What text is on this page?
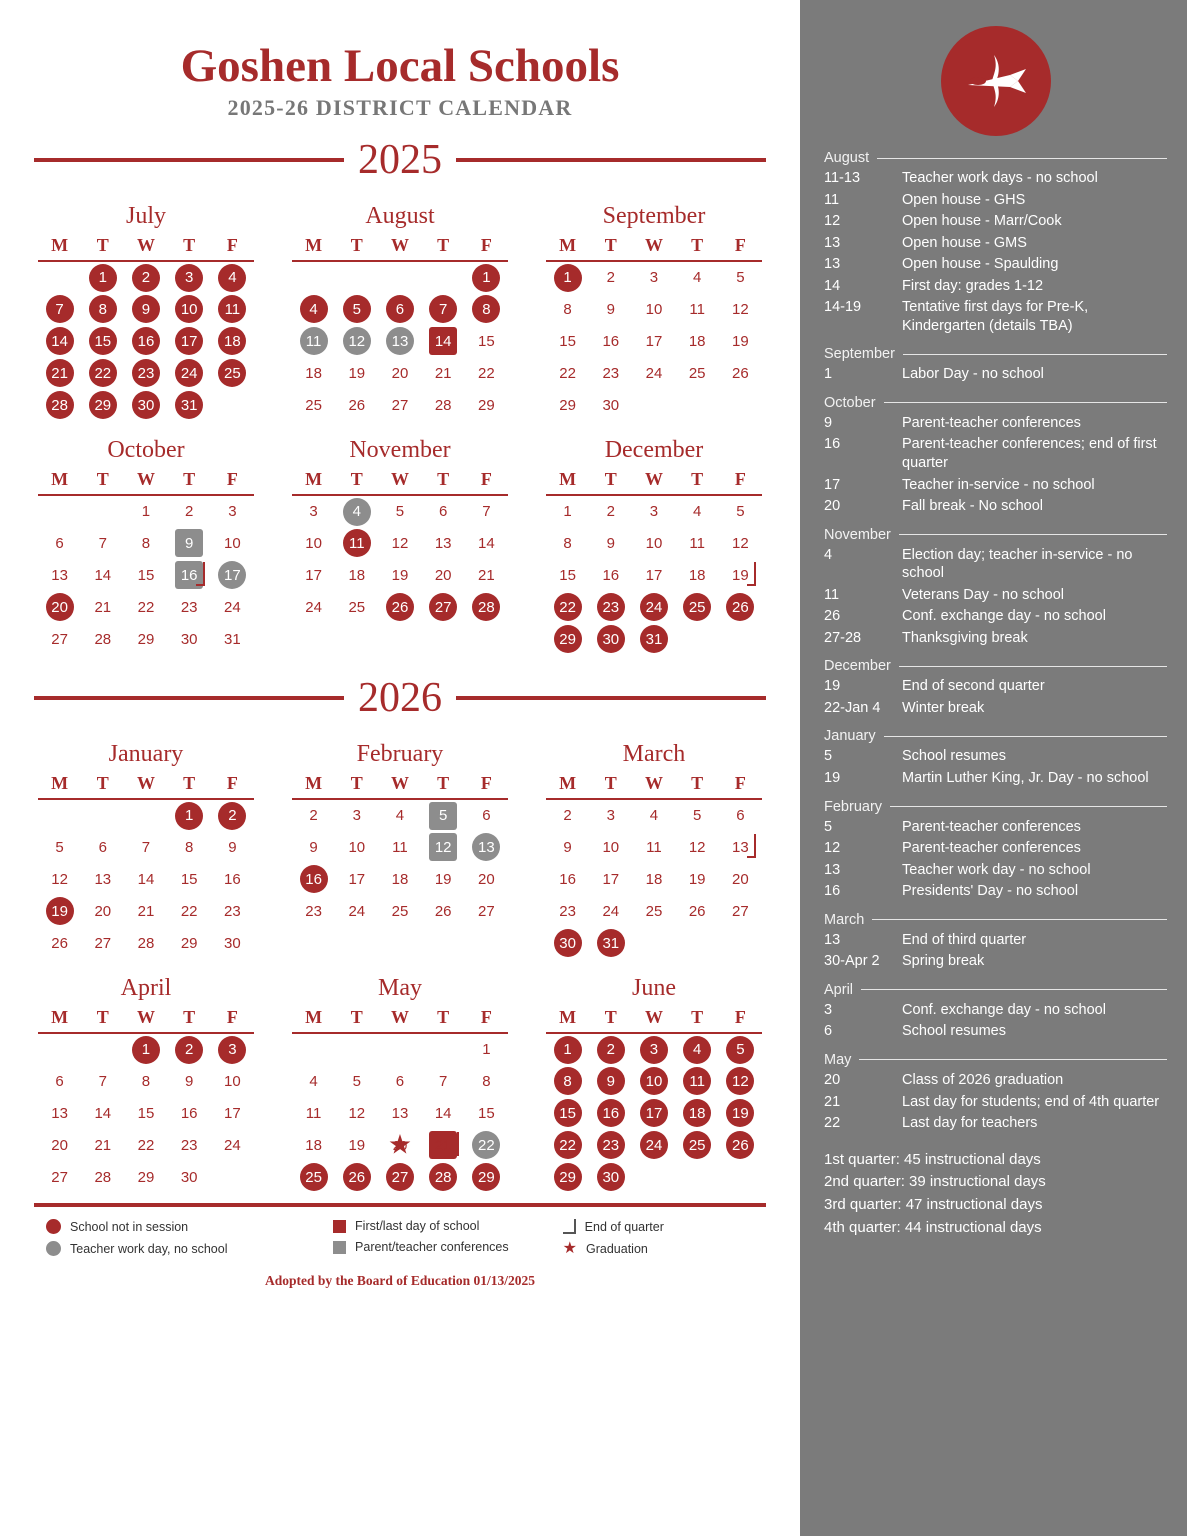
Goshen Local Schools
2025-26 DISTRICT CALENDAR
2025
July
M	T	W	T	F
	1	2	3	4
7	8	9	10	11
14	15	16	17	18
21	22	23	24	25
28	29	30	31	
August
M	T	W	T	F
				1
4	5	6	7	8
11	12	13	14	15
18	19	20	21	22
25	26	27	28	29
September
M	T	W	T	F
1	2	3	4	5
8	9	10	11	12
15	16	17	18	19
22	23	24	25	26
29	30			
October
M	T	W	T	F
		1	2	3
6	7	8	9	10
13	14	15	16	17
20	21	22	23	24
27	28	29	30	31
November
M	T	W	T	F
3	4	5	6	7
10	11	12	13	14
17	18	19	20	21
24	25	26	27	28
December
M	T	W	T	F
1	2	3	4	5
8	9	10	11	12
15	16	17	18	19
22	23	24	25	26
29	30	31		
2026
January
M	T	W	T	F
			1	2
5	6	7	8	9
12	13	14	15	16
19	20	21	22	23
26	27	28	29	30
February
M	T	W	T	F
2	3	4	5	6
9	10	11	12	13
16	17	18	19	20
23	24	25	26	27
March
M	T	W	T	F
2	3	4	5	6
9	10	11	12	13
16	17	18	19	20
23	24	25	26	27
30	31			
April
M	T	W	T	F
		1	2	3
6	7	8	9	10
13	14	15	16	17
20	21	22	23	24
27	28	29	30	
May
M	T	W	T	F
				1
4	5	6	7	8
11	12	13	14	15
18	19	★ 20	21	22
25	26	27	28	29
June
M	T	W	T	F
1	2	3	4	5
8	9	10	11	12
15	16	17	18	19
22	23	24	25	26
29	30			
School not in session
Teacher work day, no school
First/last day of school
Parent/teacher conferences
End of quarter
★ Graduation
Adopted by the Board of Education 01/13/2025
August
11-13	Teacher work days - no school
11	Open house - GHS
12	Open house - Marr/Cook
13	Open house - GMS
13	Open house - Spaulding
14	First day: grades 1-12
14-19	Tentative first days for Pre-K, Kindergarten (details TBA)
September
1	Labor Day - no school
October
9	Parent-teacher conferences
16	Parent-teacher conferences; end of first quarter
17	Teacher in-service - no school
20	Fall break - No school
November
4	Election day; teacher in-service - no school
11	Veterans Day - no school
26	Conf. exchange day - no school
27-28	Thanksgiving break
December
19	End of second quarter
22-Jan 4	Winter break
January
5	School resumes
19	Martin Luther King, Jr. Day - no school
February
5	Parent-teacher conferences
12	Parent-teacher conferences
13	Teacher work day - no school
16	Presidents' Day - no school
March
13	End of third quarter
30-Apr 2	Spring break
April
3	Conf. exchange day - no school
6	School resumes
May
20	Class of 2026 graduation
21	Last day for students; end of 4th quarter
22	Last day for teachers
1st quarter: 45 instructional days
2nd quarter: 39 instructional days
3rd quarter: 47 instructional days
4th quarter: 44 instructional days
